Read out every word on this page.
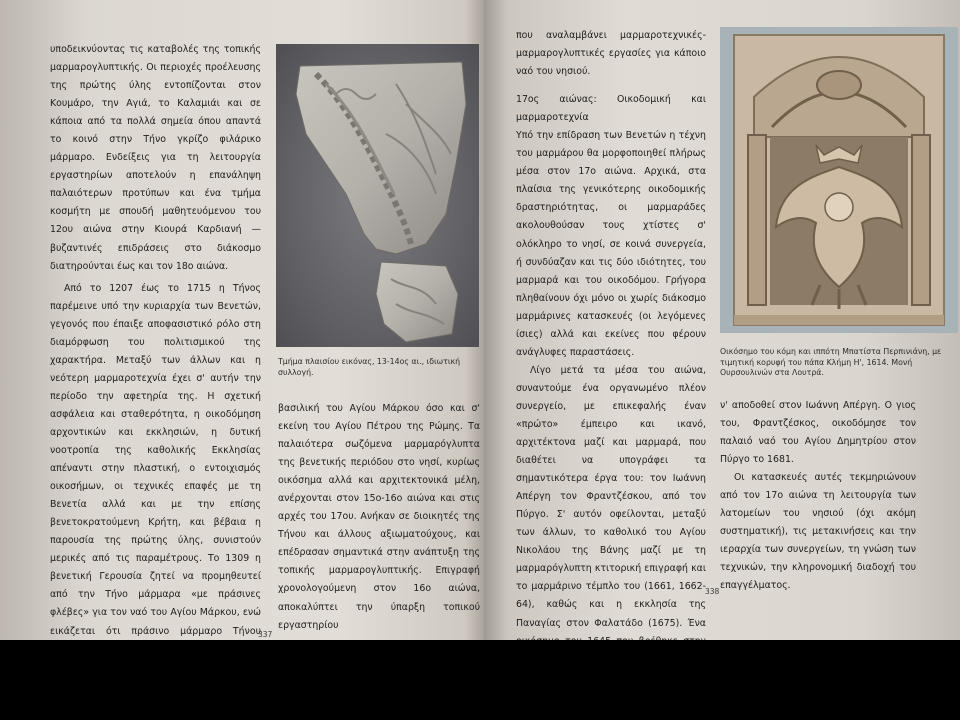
υποδεικνύοντας τις καταβολές της τοπικής μαρμαρογλυπτικής. Οι περιοχές προέλευσης της πρώτης ύλης εντοπίζονται στον Κουμάρο, την Αγιά, το Καλαμιάι και σε κάποια από τα πολλά σημεία όπου απαντά το κοινό στην Τήνο γκρίζο φιλάρικο μάρμαρο. Ενδείξεις για τη λειτουργία εργαστηρίων αποτελούν η επανάληψη παλαιότερων προτύπων και ένα τμήμα κοσμήτη με σπουδή μαθητευόμενου του 12ου αιώνα στην Κιουρά Καρδιανή —βυζαντινές επιδράσεις στο διάκοσμο διατηρούνται έως και τον 18ο αιώνα.

Από το 1207 έως το 1715 η Τήνος παρέμεινε υπό την κυριαρχία των Βενετών, γεγονός που έπαιξε αποφασιστικό ρόλο στη διαμόρφωση του πολιτισμικού της χαρακτήρα. Μεταξύ των άλλων και η νεότερη μαρμαροτεχνία έχει σ' αυτήν την περίοδο την αφετηρία της. Η σχετική ασφάλεια και σταθερότητα, η οικοδόμηση αρχοντικών και εκκλησιών, η δυτική νοοτροπία της καθολικής Εκκλησίας απέναντι στην πλαστική, ο εντοιχισμός οικοσήμων, οι τεχνικές επαφές με τη Βενετία αλλά και με την επίσης βενετοκρατούμενη Κρήτη, και βέβαια η παρουσία της πρώτης ύλης, συνιστούν μερικές από τις παραμέτρους. Το 1309 η βενετική Γερουσία ζητεί να προμηθευτεί από την Τήνο μάρμαρα «με πράσινες φλέβες» για τον ναό του Αγίου Μάρκου, ενώ εικάζεται ότι πράσινο μάρμαρο Τήνου

Τμήμα πλαισίου εικόνας, 13-14ος αι., ιδιωτική συλλογή.

βασιλική του Αγίου Μάρκου όσο και σ' εκείνη του Αγίου Πέτρου της Ρώμης. Τα παλαιότερα σωζόμενα μαρμαρόγλυπτα της βενετικής περιόδου στο νησί, κυρίως οικόσημα αλλά και αρχιτεκτονικά μέλη, ανέρχονται στον 15ο-16ο αιώνα και στις αρχές του 17ου. Ανήκαν σε διοικητές της Τήνου και άλλους αξιωματούχους, και επέδρασαν σημαντικά στην ανάπτυξη της τοπικής μαρμαρογλυπτικής. Επιγραφή χρονολογούμενη στον 16ο αιώνα, αποκαλύπτει την ύπαρξη τοπικού εργαστηρίου

337

που αναλαμβάνει μαρμαροτεχνικές-μαρμαρογλυπτικές εργασίες για κάποιο ναό του νησιού.

17ος αιώνας: Οικοδομική και μαρμαροτεχνία

Υπό την επίδραση των Βενετών η τέχνη του μαρμάρου θα μορφοποιηθεί πλήρως μέσα στον 17ο αιώνα. Αρχικά, στα πλαίσια της γενικότερης οικοδομικής δραστηριότητας, οι μαρμαράδες ακολουθούσαν τους χτίστες σ' ολόκληρο το νησί, σε κοινά συνεργεία, ή συνδύαζαν και τις δύο ιδιότητες, του μαρμαρά και του οικοδόμου. Γρήγορα πληθαίνουν όχι μόνο οι χωρίς διάκοσμο μαρμάρινες κατασκευές (οι λεγόμενες ίσιες) αλλά και εκείνες που φέρουν ανάγλυφες παραστάσεις.

Λίγο μετά τα μέσα του αιώνα, συναντούμε ένα οργανωμένο πλέον συνεργείο, με επικεφαλής έναν «πρώτο» έμπειρο και ικανό, αρχιτέκτονα μαζί και μαρμαρά, που διαθέτει να υπογράφει τα σημαντικότερα έργα του: τον Ιωάννη Απέργη τον Φραντζέσκου, από τον Πύργο. Σ' αυτόν οφείλονται, μεταξύ των άλλων, το καθολικό του Αγίου Νικολάου της Βάνης μαζί με τη μαρμαρόγλυπτη κτιτορική επιγραφή και το μαρμάρινο τέμπλο του (1661, 1662-64), καθώς και η εκκλησία της Παναγίας στον Φαλατάδο (1675). Ένα

Οικόσημο του κόμη και ιππότη Μπατίστα Περπινιάνη, με τιμητική κορυφή του πάπα Κλήμη Η', 1614. Μονή Ουρσουλινών στα Λουτρά.

ν' αποδοθεί στον Ιωάννη Απέργη. Ο γιος του, Φραντζέσκος, οικοδόμησε τον παλαιό ναό του Αγίου Δημητρίου στον Πύργο το 1681.

Οι κατασκευές αυτές τεκμηριώνουν από τον 17ο αιώνα τη λειτουργία των λατομείων του νησιού (όχι ακόμη συστηματική), τις μετακινήσεις και την ιεραρχία των συνεργείων, τη γνώση των τεχνικών, την κληρονομική διαδοχή του επαγγέλματος.

338
